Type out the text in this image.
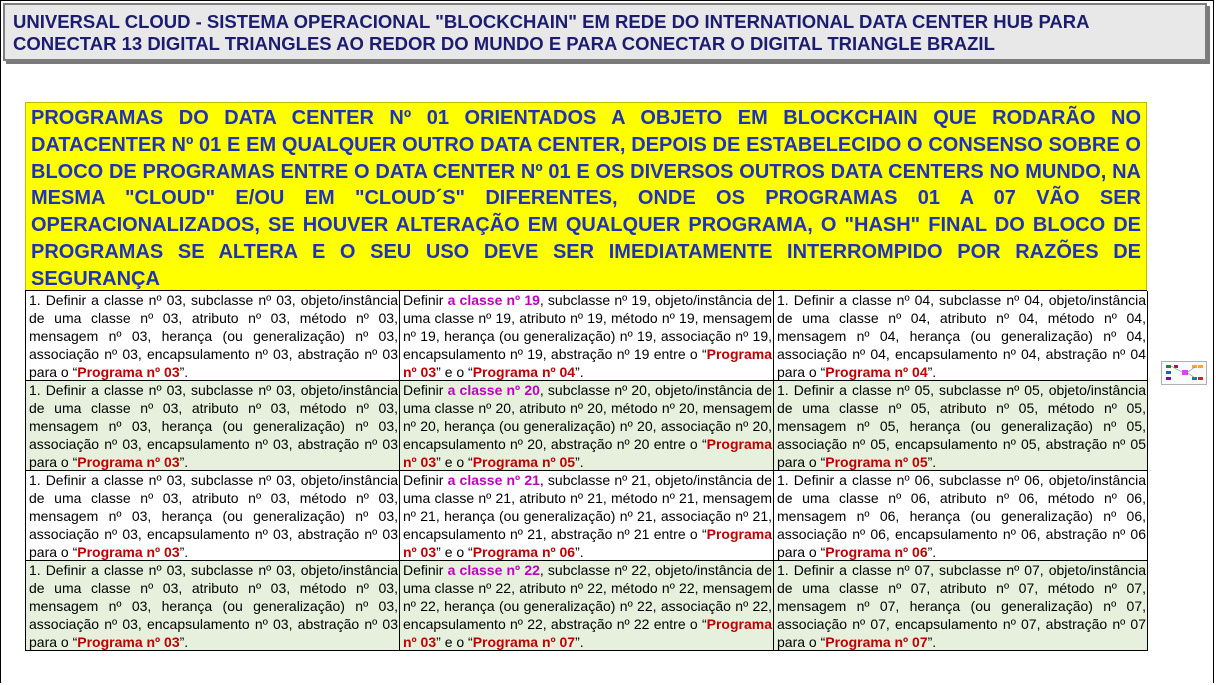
UNIVERSAL CLOUD - SISTEMA OPERACIONAL "BLOCKCHAIN" EM REDE DO INTERNATIONAL DATA CENTER HUB PARA
CONECTAR 13 DIGITAL TRIANGLES AO REDOR DO MUNDO E PARA CONECTAR O DIGITAL TRIANGLE BRAZIL
PROGRAMAS DO DATA CENTER Nº 01 ORIENTADOS A OBJETO EM BLOCKCHAIN QUE RODARÃO NO DATACENTER Nº 01 E EM QUALQUER OUTRO DATA CENTER, DEPOIS DE ESTABELECIDO O CONSENSO SOBRE O BLOCO DE PROGRAMAS ENTRE O DATA CENTER Nº 01 E OS DIVERSOS OUTROS DATA CENTERS NO MUNDO, NA MESMA "CLOUD" E/OU EM "CLOUD´S" DIFERENTES, ONDE OS PROGRAMAS 01 A 07 VÃO SER OPERACIONALIZADOS, SE HOUVER ALTERAÇÃO EM QUALQUER PROGRAMA, O "HASH" FINAL DO BLOCO DE PROGRAMAS SE ALTERA E O SEU USO DEVE SER IMEDIATAMENTE INTERROMPIDO POR RAZÕES DE SEGURANÇA
1. Definir a classe nº 03, subclasse nº 03, objeto/instância de uma classe nº 03, atributo nº 03, método nº 03, mensagem nº 03, herança (ou generalização) nº 03, associação nº 03, encapsulamento nº 03, abstração nº 03 para o “Programa nº 03”.
Definir a classe nº 19, subclasse nº 19, objeto/instância de uma classe nº 19, atributo nº 19, método nº 19, mensagem nº 19, herança (ou generalização) nº 19, associação nº 19, encapsulamento nº 19, abstração nº 19 entre o “Programa nº 03” e o “Programa nº 04”.
1. Definir a classe nº 04, subclasse nº 04, objeto/instância de uma classe nº 04, atributo nº 04, método nº 04, mensagem nº 04, herança (ou generalização) nº 04, associação nº 04, encapsulamento nº 04, abstração nº 04 para o “Programa nº 04”.
1. Definir a classe nº 03, subclasse nº 03, objeto/instância de uma classe nº 03, atributo nº 03, método nº 03, mensagem nº 03, herança (ou generalização) nº 03, associação nº 03, encapsulamento nº 03, abstração nº 03 para o “Programa nº 03”.
Definir a classe nº 20, subclasse nº 20, objeto/instância de uma classe nº 20, atributo nº 20, método nº 20, mensagem nº 20, herança (ou generalização) nº 20, associação nº 20, encapsulamento nº 20, abstração nº 20 entre o “Programa nº 03” e o “Programa nº 05”.
1. Definir a classe nº 05, subclasse nº 05, objeto/instância de uma classe nº 05, atributo nº 05, método nº 05, mensagem nº 05, herança (ou generalização) nº 05, associação nº 05, encapsulamento nº 05, abstração nº 05 para o “Programa nº 05”.
1. Definir a classe nº 03, subclasse nº 03, objeto/instância de uma classe nº 03, atributo nº 03, método nº 03, mensagem nº 03, herança (ou generalização) nº 03, associação nº 03, encapsulamento nº 03, abstração nº 03 para o “Programa nº 03”.
Definir a classe nº 21, subclasse nº 21, objeto/instância de uma classe nº 21, atributo nº 21, método nº 21, mensagem nº 21, herança (ou generalização) nº 21, associação nº 21, encapsulamento nº 21, abstração nº 21 entre o “Programa nº 03” e o “Programa nº 06”.
1. Definir a classe nº 06, subclasse nº 06, objeto/instância de uma classe nº 06, atributo nº 06, método nº 06, mensagem nº 06, herança (ou generalização) nº 06, associação nº 06, encapsulamento nº 06, abstração nº 06 para o “Programa nº 06”.
1. Definir a classe nº 03, subclasse nº 03, objeto/instância de uma classe nº 03, atributo nº 03, método nº 03, mensagem nº 03, herança (ou generalização) nº 03, associação nº 03, encapsulamento nº 03, abstração nº 03 para o “Programa nº 03”.
Definir a classe nº 22, subclasse nº 22, objeto/instância de uma classe nº 22, atributo nº 22, método nº 22, mensagem nº 22, herança (ou generalização) nº 22, associação nº 22, encapsulamento nº 22, abstração nº 22 entre o “Programa nº 03” e o “Programa nº 07”.
1. Definir a classe nº 07, subclasse nº 07, objeto/instância de uma classe nº 07, atributo nº 07, método nº 07, mensagem nº 07, herança (ou generalização) nº 07, associação nº 07, encapsulamento nº 07, abstração nº 07 para o “Programa nº 07”.
